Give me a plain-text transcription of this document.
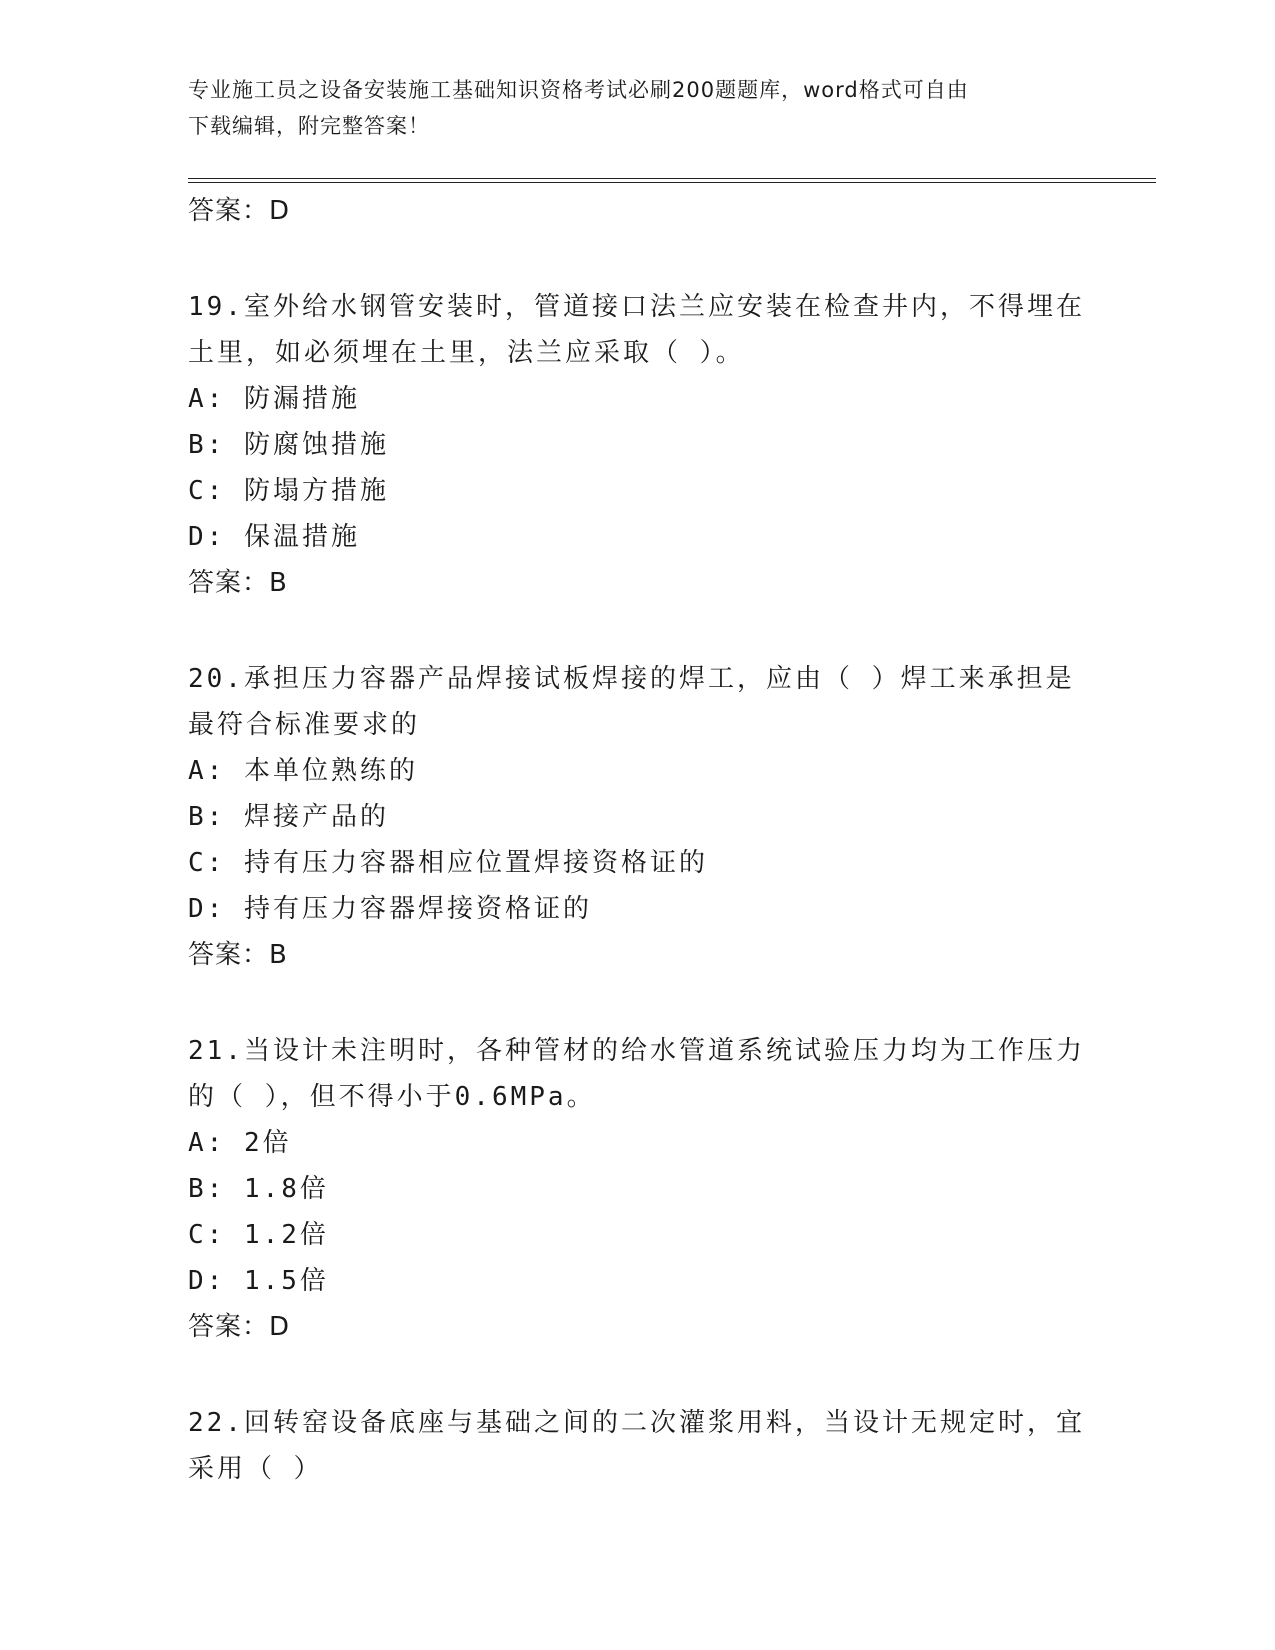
专业施工员之设备安装施工基础知识资格考试必刷200题题库，word格式可自由
下载编辑，附完整答案！
答案：D
19.室外给水钢管安装时，管道接口法兰应安装在检查井内，不得埋在
土里，如必须埋在土里，法兰应采取（ ）。
A: 防漏措施
B: 防腐蚀措施
C: 防塌方措施
D: 保温措施
答案：B
20.承担压力容器产品焊接试板焊接的焊工，应由（ ）焊工来承担是
最符合标准要求的
A: 本单位熟练的
B: 焊接产品的
C: 持有压力容器相应位置焊接资格证的
D: 持有压力容器焊接资格证的
答案：B
21.当设计未注明时，各种管材的给水管道系统试验压力均为工作压力
的（ ），但不得小于0.6MPa。
A: 2倍
B: 1.8倍
C: 1.2倍
D: 1.5倍
答案：D
22.回转窑设备底座与基础之间的二次灌浆用料，当设计无规定时，宜
采用（ ）
